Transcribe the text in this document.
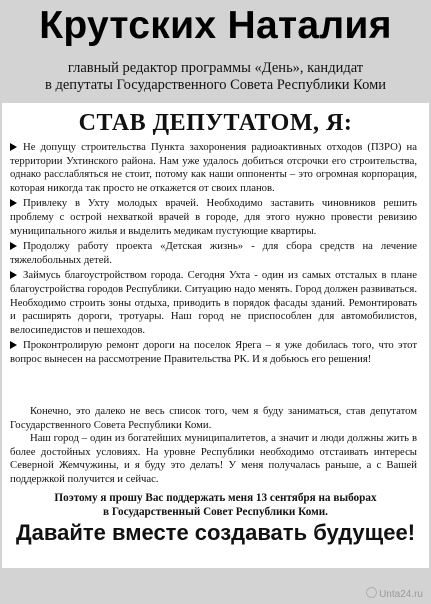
Крутских Наталия
главный редактор программы «День», кандидат
в депутаты Государственного Совета Республики Коми
СТАВ ДЕПУТАТОМ, Я:
Не допущу строительства Пункта захоронения радиоактивных отходов (ПЗРО) на территории Ухтинского района. Нам уже удалось добиться отсрочки его строительства, однако расслабляться не стоит, потому как наши оппоненты – это огромная корпорация, которая никогда так просто не откажется от своих планов.
Привлеку в Ухту молодых врачей. Необходимо заставить чиновников решить проблему с острой нехваткой врачей в городе, для этого нужно провести ревизию муниципального жилья и выделить медикам пустующие квартиры.
Продолжу работу проекта «Детская жизнь» - для сбора средств на лечение тяжелобольных детей.
Займусь благоустройством города. Сегодня Ухта - один из самых отсталых в плане благоустройства городов Республики. Ситуацию надо менять. Город должен развиваться. Необходимо строить зоны отдыха, приводить в порядок фасады зданий. Ремонтировать и расширять дороги, тротуары. Наш город не приспособлен для автомобилистов, велосипедистов и пешеходов.
Проконтролирую ремонт дороги на поселок Ярега – я уже добилась того, что этот вопрос вынесен на рассмотрение Правительства РК. И я добьюсь его решения!

Конечно, это далеко не весь список того, чем я буду заниматься, став депутатом Государственного Совета Республики Коми.

Наш город – один из богатейших муниципалитетов, а значит и люди должны жить в более достойных условиях. На уровне Республики необходимо отстаивать интересы Северной Жемчужины, и я буду это делать! У меня получалась раньше, а с Вашей поддержкой получится и сейчас.

Поэтому я прошу Вас поддержать меня 13 сентября на выборах
в Государственный Совет Республики Коми.
Давайте вместе создавать будущее!
Unta24.ru
